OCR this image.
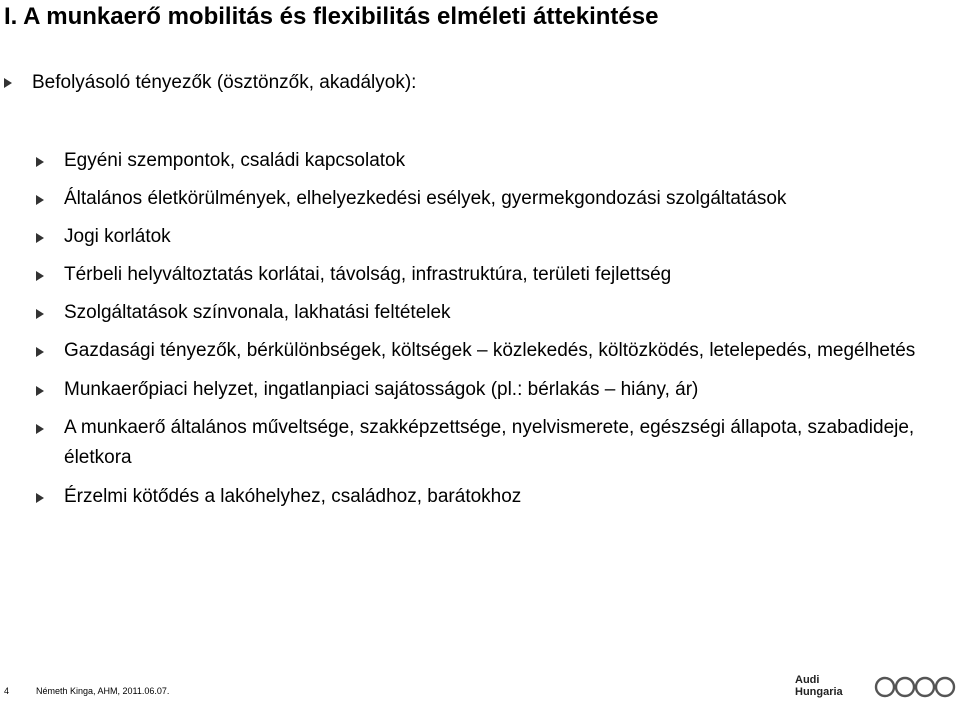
I. A munkaerő mobilitás és flexibilitás elméleti áttekintése
Befolyásoló tényezők (ösztönzők, akadályok):
Egyéni szempontok, családi kapcsolatok
Általános életkörülmények, elhelyezkedési esélyek, gyermekgondozási szolgáltatások
Jogi korlátok
Térbeli helyváltoztatás korlátai, távolság, infrastruktúra, területi fejlettség
Szolgáltatások színvonala, lakhatási feltételek
Gazdasági tényezők, bérkülönbségek, költségek – közlekedés, költözködés, letelepedés, megélhetés
Munkaerőpiaci helyzet, ingatlanpiaci sajátosságok (pl.: bérlakás – hiány, ár)
A munkaerő általános műveltsége, szakképzettsége, nyelvismerete, egészségi állapota, szabadideje, életkora
Érzelmi kötődés a lakóhelyhez, családhoz, barátokhoz
4	Németh Kinga, AHM, 2011.06.07.
Audi
Hungaria
